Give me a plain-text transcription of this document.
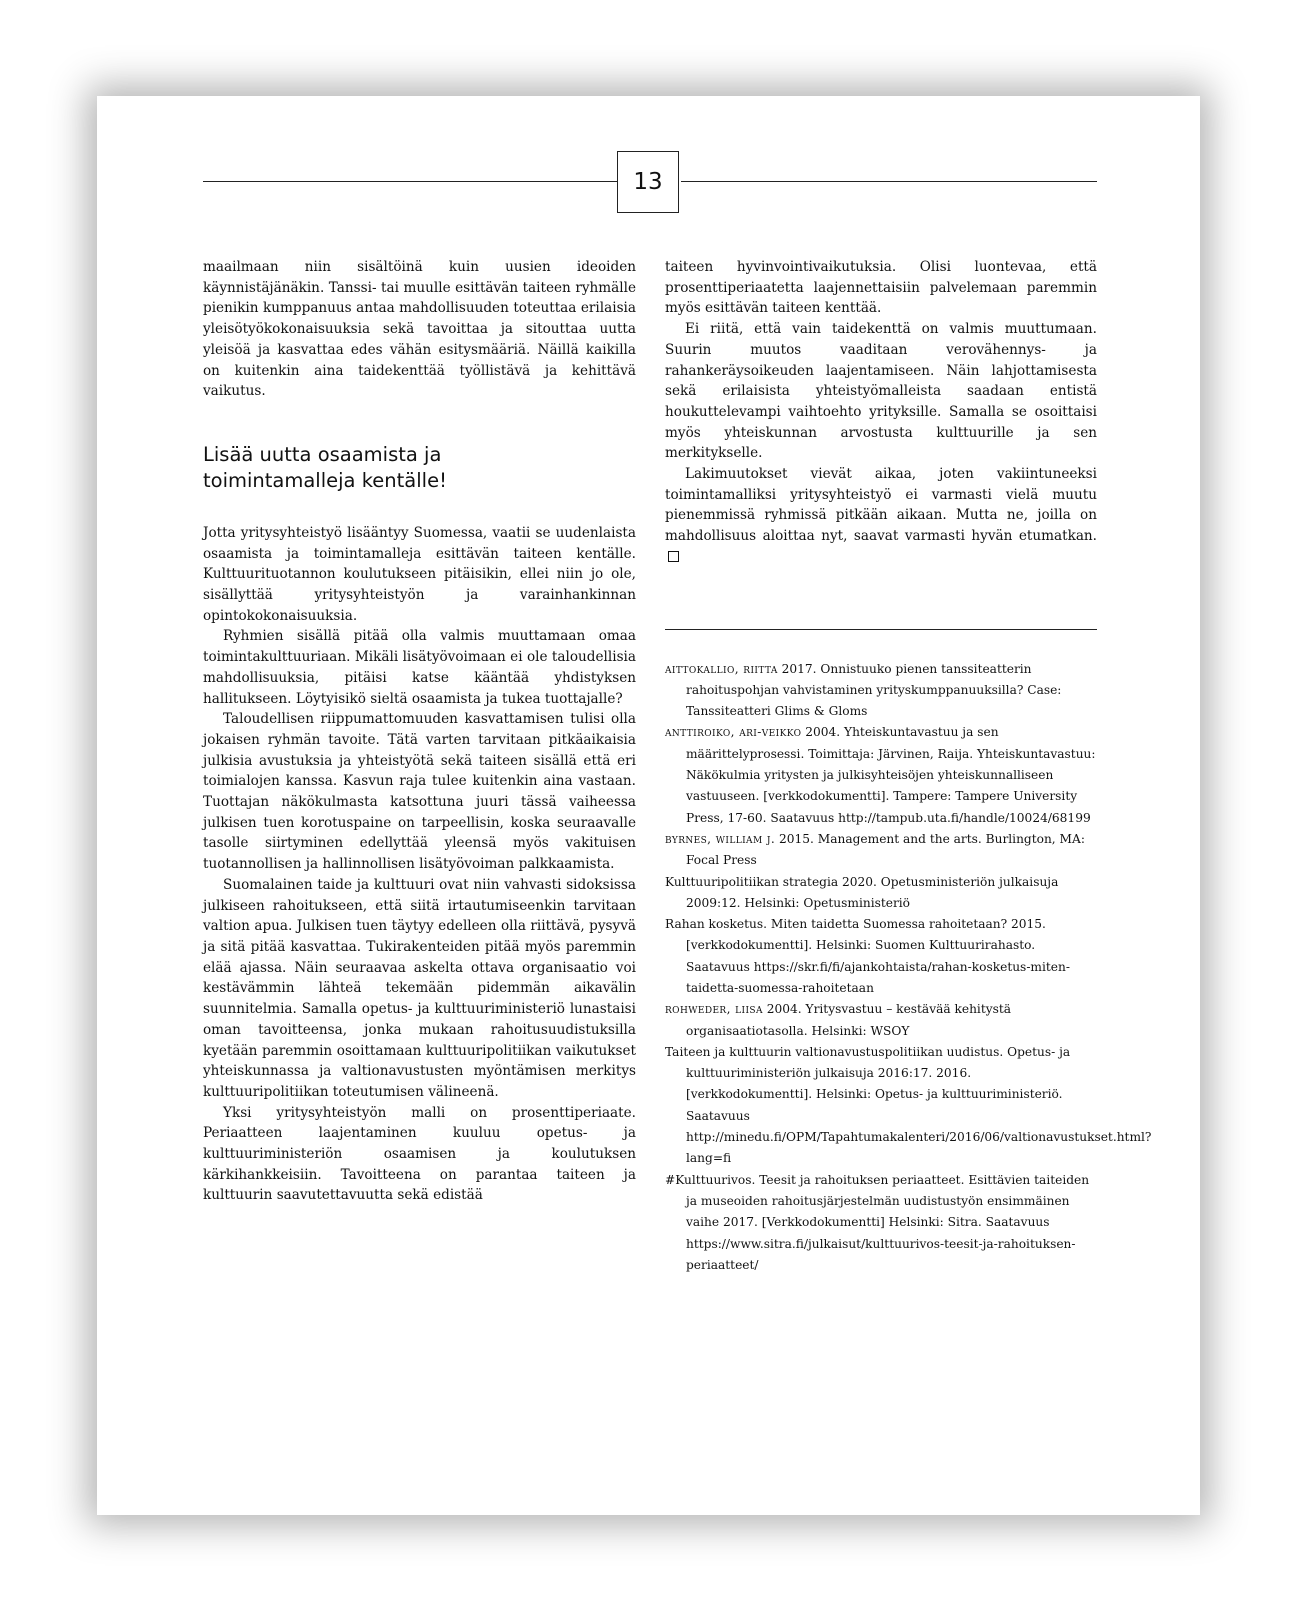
13

maailmaan niin sisältöinä kuin uusien ideoiden käynnistäjänäkin. Tanssi- tai muulle esittävän taiteen ryhmälle pienikin kumppanuus antaa mahdollisuuden toteuttaa erilaisia yleisötyökokonaisuuksia sekä tavoittaa ja sitouttaa uutta yleisöä ja kasvattaa edes vähän esitysmääriä. Näillä kaikilla on kuitenkin aina taidekenttää työllistävä ja kehittävä vaikutus.

Lisää uutta osaamista ja
toimintamalleja kentälle!

Jotta yritysyhteistyö lisääntyy Suomessa, vaatii se uudenlaista osaamista ja toimintamalleja esittävän taiteen kentälle. Kulttuurituotannon koulutukseen pitäisikin, ellei niin jo ole, sisällyttää yritysyhteistyön ja varainhankinnan opintokokonaisuuksia.

Ryhmien sisällä pitää olla valmis muuttamaan omaa toimintakulttuuriaan. Mikäli lisätyövoimaan ei ole taloudellisia mahdollisuuksia, pitäisi katse kääntää yhdistyksen hallitukseen. Löytyisikö sieltä osaamista ja tukea tuottajalle?

Taloudellisen riippumattomuuden kasvattamisen tulisi olla jokaisen ryhmän tavoite. Tätä varten tarvitaan pitkäaikaisia julkisia avustuksia ja yhteistyötä sekä taiteen sisällä että eri toimialojen kanssa. Kasvun raja tulee kuitenkin aina vastaan. Tuottajan näkökulmasta katsottuna juuri tässä vaiheessa julkisen tuen korotuspaine on tarpeellisin, koska seuraavalle tasolle siirtyminen edellyttää yleensä myös vakituisen tuotannollisen ja hallinnollisen lisätyövoiman palkkaamista.

Suomalainen taide ja kulttuuri ovat niin vahvasti sidoksissa julkiseen rahoitukseen, että siitä irtautumiseenkin tarvitaan valtion apua. Julkisen tuen täytyy edelleen olla riittävä, pysyvä ja sitä pitää kasvattaa. Tukirakenteiden pitää myös paremmin elää ajassa. Näin seuraavaa askelta ottava organisaatio voi kestävämmin lähteä tekemään pidemmän aikavälin suunnitelmia. Samalla opetus- ja kulttuuriministeriö lunastaisi oman tavoitteensa, jonka mukaan rahoitusuudistuksilla kyetään paremmin osoittamaan kulttuuripolitiikan vaikutukset yhteiskunnassa ja valtionavustusten myöntämisen merkitys kulttuuripolitiikan toteutumisen välineenä.

Yksi yritysyhteistyön malli on prosenttiperiaate. Periaatteen laajentaminen kuuluu opetus- ja kulttuuriministeriön osaamisen ja koulutuksen kärkihankkeisiin. Tavoitteena on parantaa taiteen ja kulttuurin saavutettavuutta sekä edistää

taiteen hyvinvointivaikutuksia. Olisi luontevaa, että prosenttiperiaatetta laajennettaisiin palvelemaan paremmin myös esittävän taiteen kenttää.

Ei riitä, että vain taidekenttä on valmis muuttumaan. Suurin muutos vaaditaan verovähennys- ja rahankeräysoikeuden laajentamiseen. Näin lahjottamisesta sekä erilaisista yhteistyömalleista saadaan entistä houkuttelevampi vaihtoehto yrityksille. Samalla se osoittaisi myös yhteiskunnan arvostusta kulttuurille ja sen merkitykselle.

Lakimuutokset vievät aikaa, joten vakiintuneeksi toimintamalliksi yritysyhteistyö ei varmasti vielä muutu pienemmissä ryhmissä pitkään aikaan. Mutta ne, joilla on mahdollisuus aloittaa nyt, saavat varmasti hyvän etumatkan.

aittokallio, riitta 2017. Onnistuuko pienen tanssiteatterin rahoituspohjan vahvistaminen yrityskumppanuuksilla? Case: Tanssiteatteri Glims & Gloms

anttiroiko, ari-veikko 2004. Yhteiskuntavastuu ja sen määrittelyprosessi. Toimittaja: Järvinen, Raija. Yhteiskuntavastuu: Näkökulmia yritysten ja julkisyhteisöjen yhteiskunnalliseen vastuuseen. [verkkodokumentti]. Tampere: Tampere University Press, 17-60. Saatavuus http://tampub.uta.fi/handle/10024/68199

byrnes, william j. 2015. Management and the arts. Burlington, MA: Focal Press

Kulttuuripolitiikan strategia 2020. Opetusministeriön julkaisuja 2009:12. Helsinki: Opetusministeriö

Rahan kosketus. Miten taidetta Suomessa rahoitetaan? 2015. [verkkodokumentti]. Helsinki: Suomen Kulttuurirahasto. Saatavuus https://skr.fi/fi/ajankohtaista/rahan-kosketus-miten-taidetta-suomessa-rahoitetaan

rohweder, liisa 2004. Yritysvastuu – kestävää kehitystä organisaatiotasolla. Helsinki: WSOY

Taiteen ja kulttuurin valtionavustuspolitiikan uudistus. Opetus- ja kulttuuriministeriön julkaisuja 2016:17. 2016. [verkkodokumentti]. Helsinki: Opetus- ja kulttuuriministeriö. Saatavuus http://minedu.fi/OPM/Tapahtumakalenteri/2016/06/valtionavustukset.html?lang=fi

#Kulttuurivos. Teesit ja rahoituksen periaatteet. Esittävien taiteiden ja museoiden rahoitusjärjestelmän uudistustyön ensimmäinen vaihe 2017. [Verkkodokumentti] Helsinki: Sitra. Saatavuus https://www.sitra.fi/julkaisut/kulttuurivos-teesit-ja-rahoituksen-periaatteet/
